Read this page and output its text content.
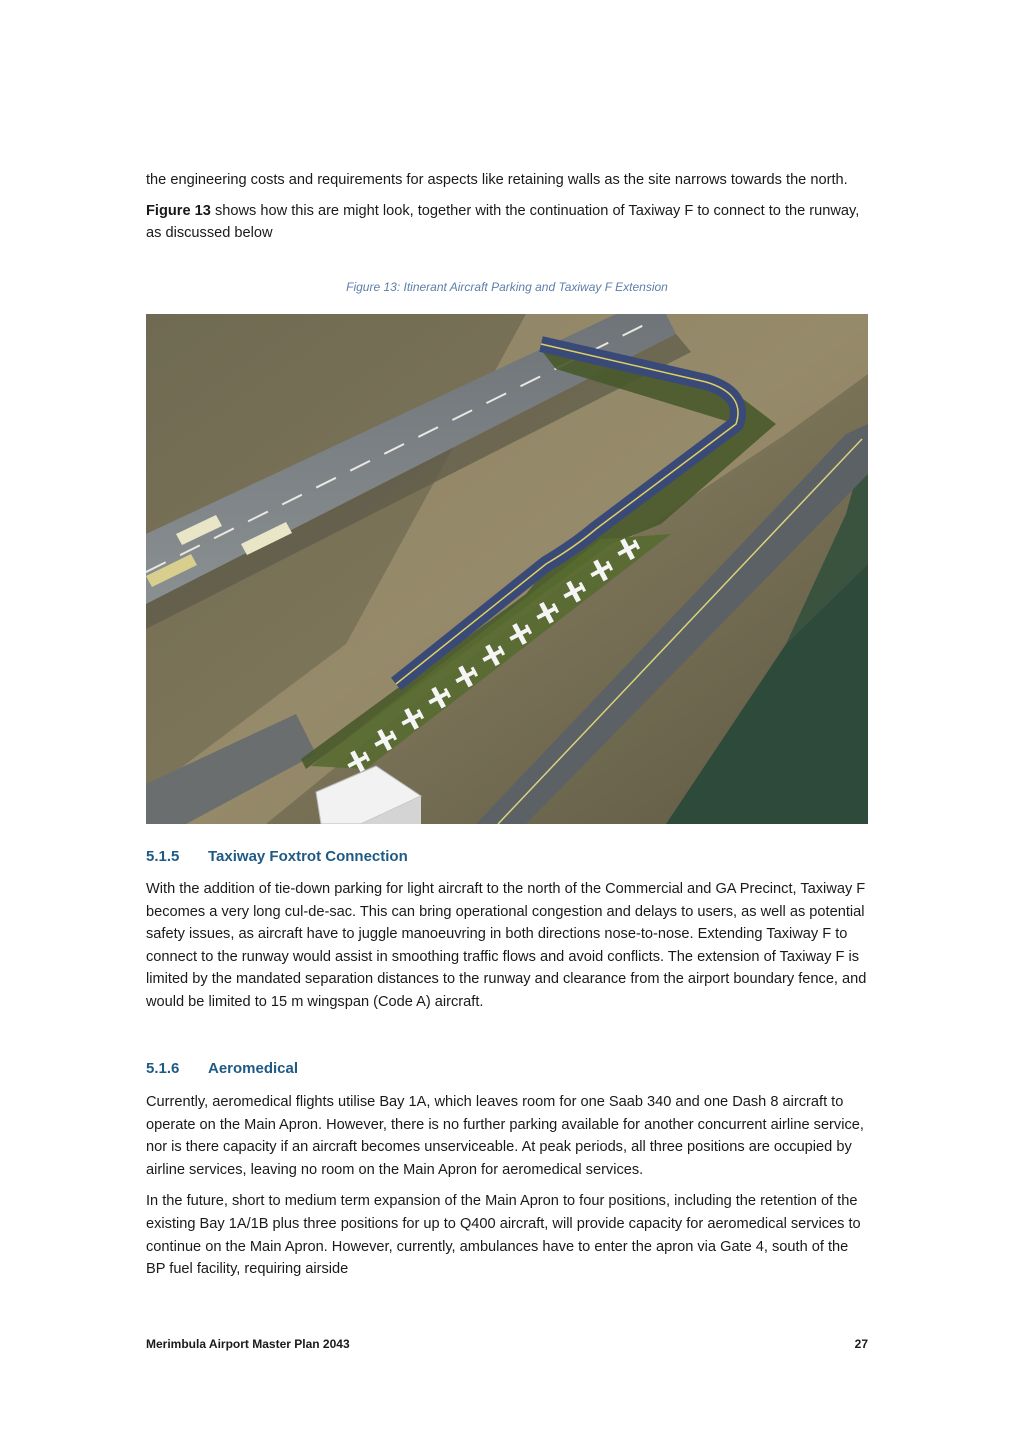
the engineering costs and requirements for aspects like retaining walls as the site narrows towards the north.

Figure 13 shows how this are might look, together with the continuation of Taxiway F to connect to the runway, as discussed below

Figure 13: Itinerant Aircraft Parking and Taxiway F Extension
5.1.5 Taxiway Foxtrot Connection

With the addition of tie-down parking for light aircraft to the north of the Commercial and GA Precinct, Taxiway F becomes a very long cul-de-sac. This can bring operational congestion and delays to users, as well as potential safety issues, as aircraft have to juggle manoeuvring in both directions nose-to-nose. Extending Taxiway F to connect to the runway would assist in smoothing traffic flows and avoid conflicts. The extension of Taxiway F is limited by the mandated separation distances to the runway and clearance from the airport boundary fence, and would be limited to 15 m wingspan (Code A) aircraft.

5.1.6 Aeromedical

Currently, aeromedical flights utilise Bay 1A, which leaves room for one Saab 340 and one Dash 8 aircraft to operate on the Main Apron. However, there is no further parking available for another concurrent airline service, nor is there capacity if an aircraft becomes unserviceable. At peak periods, all three positions are occupied by airline services, leaving no room on the Main Apron for aeromedical services.

In the future, short to medium term expansion of the Main Apron to four positions, including the retention of the existing Bay 1A/1B plus three positions for up to Q400 aircraft, will provide capacity for aeromedical services to continue on the Main Apron. However, currently, ambulances have to enter the apron via Gate 4, south of the BP fuel facility, requiring airside

Merimbula Airport Master Plan 2043	27
